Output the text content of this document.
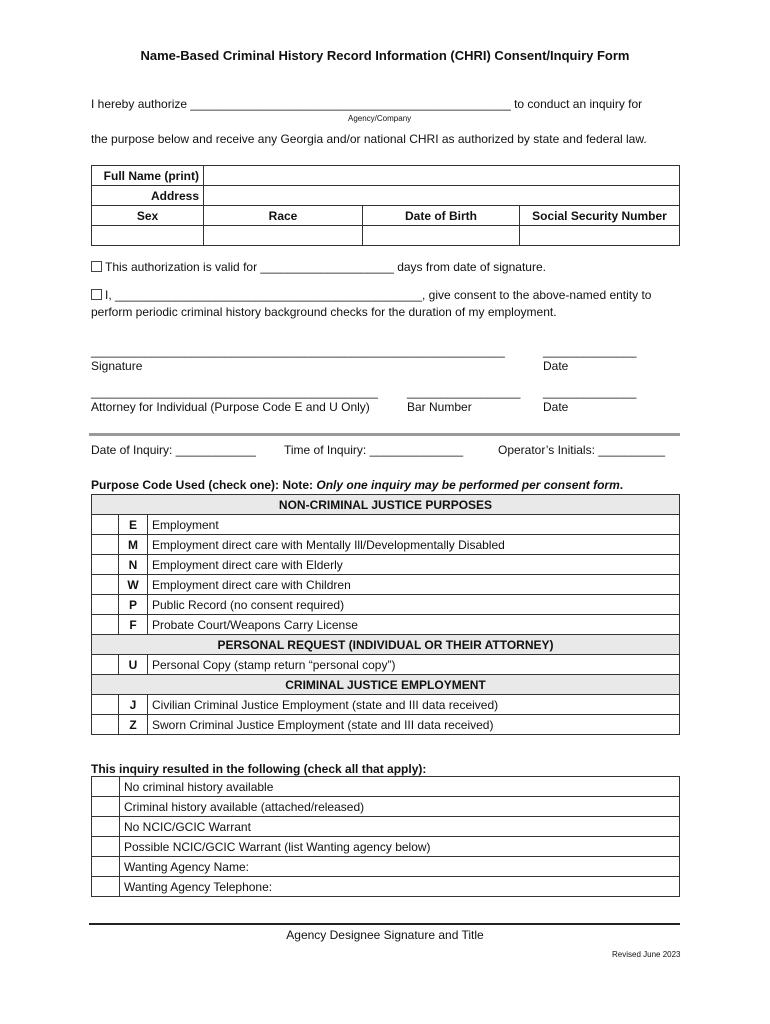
Name-Based Criminal History Record Information (CHRI) Consent/Inquiry Form
I hereby authorize ________________________________________________ to conduct an inquiry for
Agency/Company
the purpose below and receive any Georgia and/or national CHRI as authorized by state and federal law.
Full Name (print)			
Address			
Sex	Race	Date of Birth	Social Security Number

This authorization is valid for ____________________ days from date of signature.
I, ______________________________________________, give consent to the above-named entity to
perform periodic criminal history background checks for the duration of my employment.
______________________________________________________________	______________
Signature	Date
___________________________________________ _________________ ______________
Attorney for Individual (Purpose Code E and U Only)	Bar Number	Date
Date of Inquiry: ____________ Time of Inquiry: ______________	Operator’s Initials: __________
Purpose Code Used (check one): Note: Only one inquiry may be performed per consent form.
NON-CRIMINAL JUSTICE PURPOSES		
	E	Employment
	M	Employment direct care with Mentally Ill/Developmentally Disabled
	N	Employment direct care with Elderly
	W	Employment direct care with Children
	P	Public Record (no consent required)
	F	Probate Court/Weapons Carry License
PERSONAL REQUEST (INDIVIDUAL OR THEIR ATTORNEY)		
	U	Personal Copy (stamp return “personal copy”)
CRIMINAL JUSTICE EMPLOYMENT		
	J	Civilian Criminal Justice Employment (state and III data received)
	Z	Sworn Criminal Justice Employment (state and III data received)
This inquiry resulted in the following (check all that apply):
	No criminal history available
	Criminal history available (attached/released)
	No NCIC/GCIC Warrant
	Possible NCIC/GCIC Warrant (list Wanting agency below)
	Wanting Agency Name:
	Wanting Agency Telephone:
Agency Designee Signature and Title
Revised June 2023
